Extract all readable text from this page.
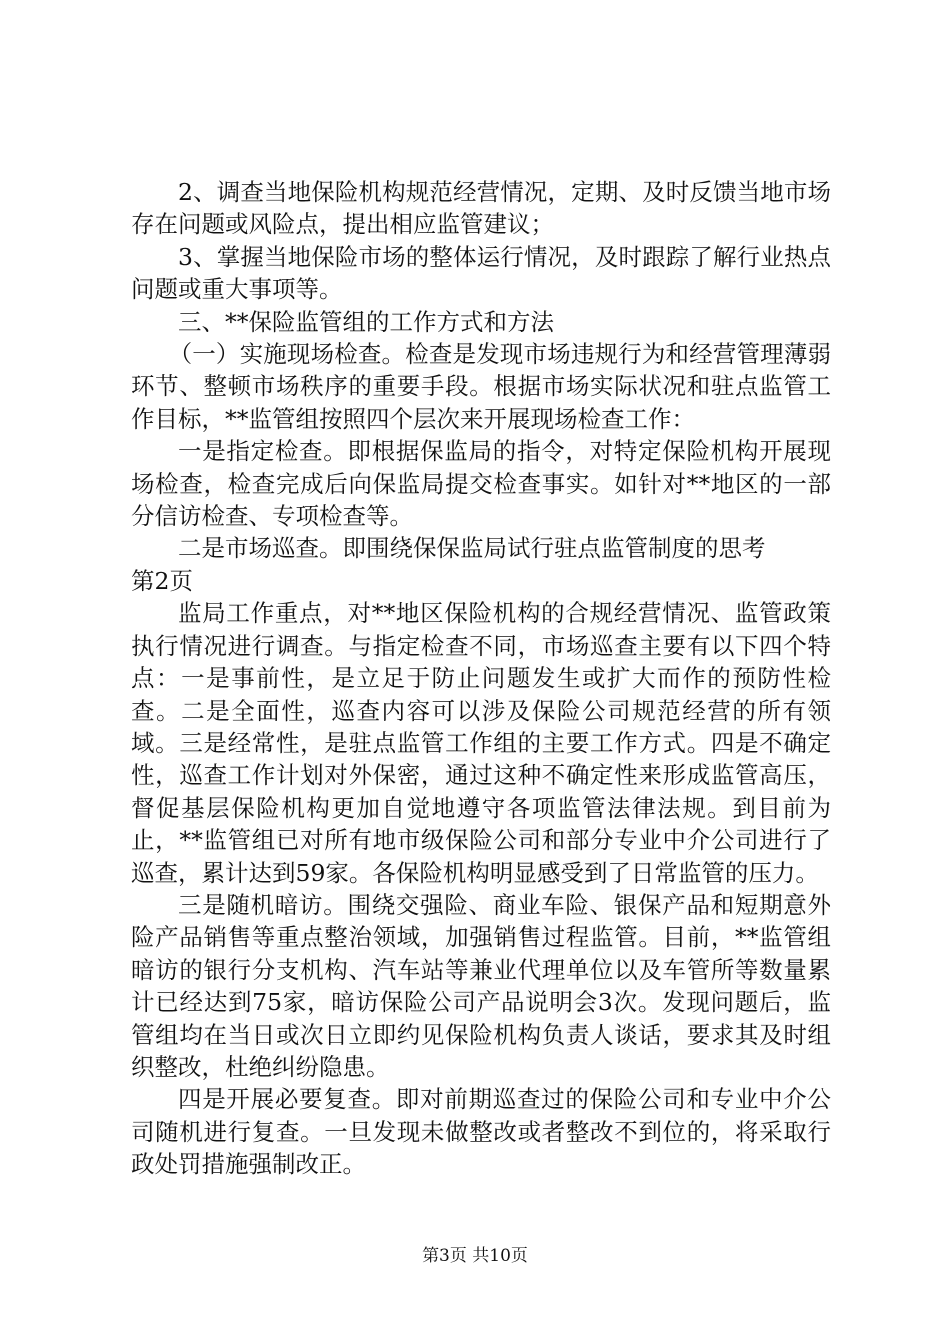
2、调查当地保险机构规范经营情况，定期、及时反馈当地市场存在问题或风险点，提出相应监管建议；

3、掌握当地保险市场的整体运行情况，及时跟踪了解行业热点问题或重大事项等。

三、**保险监管组的工作方式和方法

（一）实施现场检查。检查是发现市场违规行为和经营管理薄弱环节、整顿市场秩序的重要手段。根据市场实际状况和驻点监管工作目标，**监管组按照四个层次来开展现场检查工作：

一是指定检查。即根据保监局的指令，对特定保险机构开展现场检查，检查完成后向保监局提交检查事实。如针对**地区的一部分信访检查、专项检查等。

二是市场巡查。即围绕保保监局试行驻点监管制度的思考

第2页

监局工作重点，对**地区保险机构的合规经营情况、监管政策执行情况进行调查。与指定检查不同，市场巡查主要有以下四个特点：一是事前性，是立足于防止问题发生或扩大而作的预防性检查。二是全面性，巡查内容可以涉及保险公司规范经营的所有领域。三是经常性，是驻点监管工作组的主要工作方式。四是不确定性，巡查工作计划对外保密，通过这种不确定性来形成监管高压，督促基层保险机构更加自觉地遵守各项监管法律法规。到目前为止，**监管组已对所有地市级保险公司和部分专业中介公司进行了巡查，累计达到59家。各保险机构明显感受到了日常监管的压力。

三是随机暗访。围绕交强险、商业车险、银保产品和短期意外险产品销售等重点整治领域，加强销售过程监管。目前，**监管组暗访的银行分支机构、汽车站等兼业代理单位以及车管所等数量累计已经达到75家，暗访保险公司产品说明会3次。发现问题后，监管组均在当日或次日立即约见保险机构负责人谈话，要求其及时组织整改，杜绝纠纷隐患。

四是开展必要复查。即对前期巡查过的保险公司和专业中介公司随机进行复查。一旦发现未做整改或者整改不到位的，将采取行政处罚措施强制改正。

第3页 共10页
